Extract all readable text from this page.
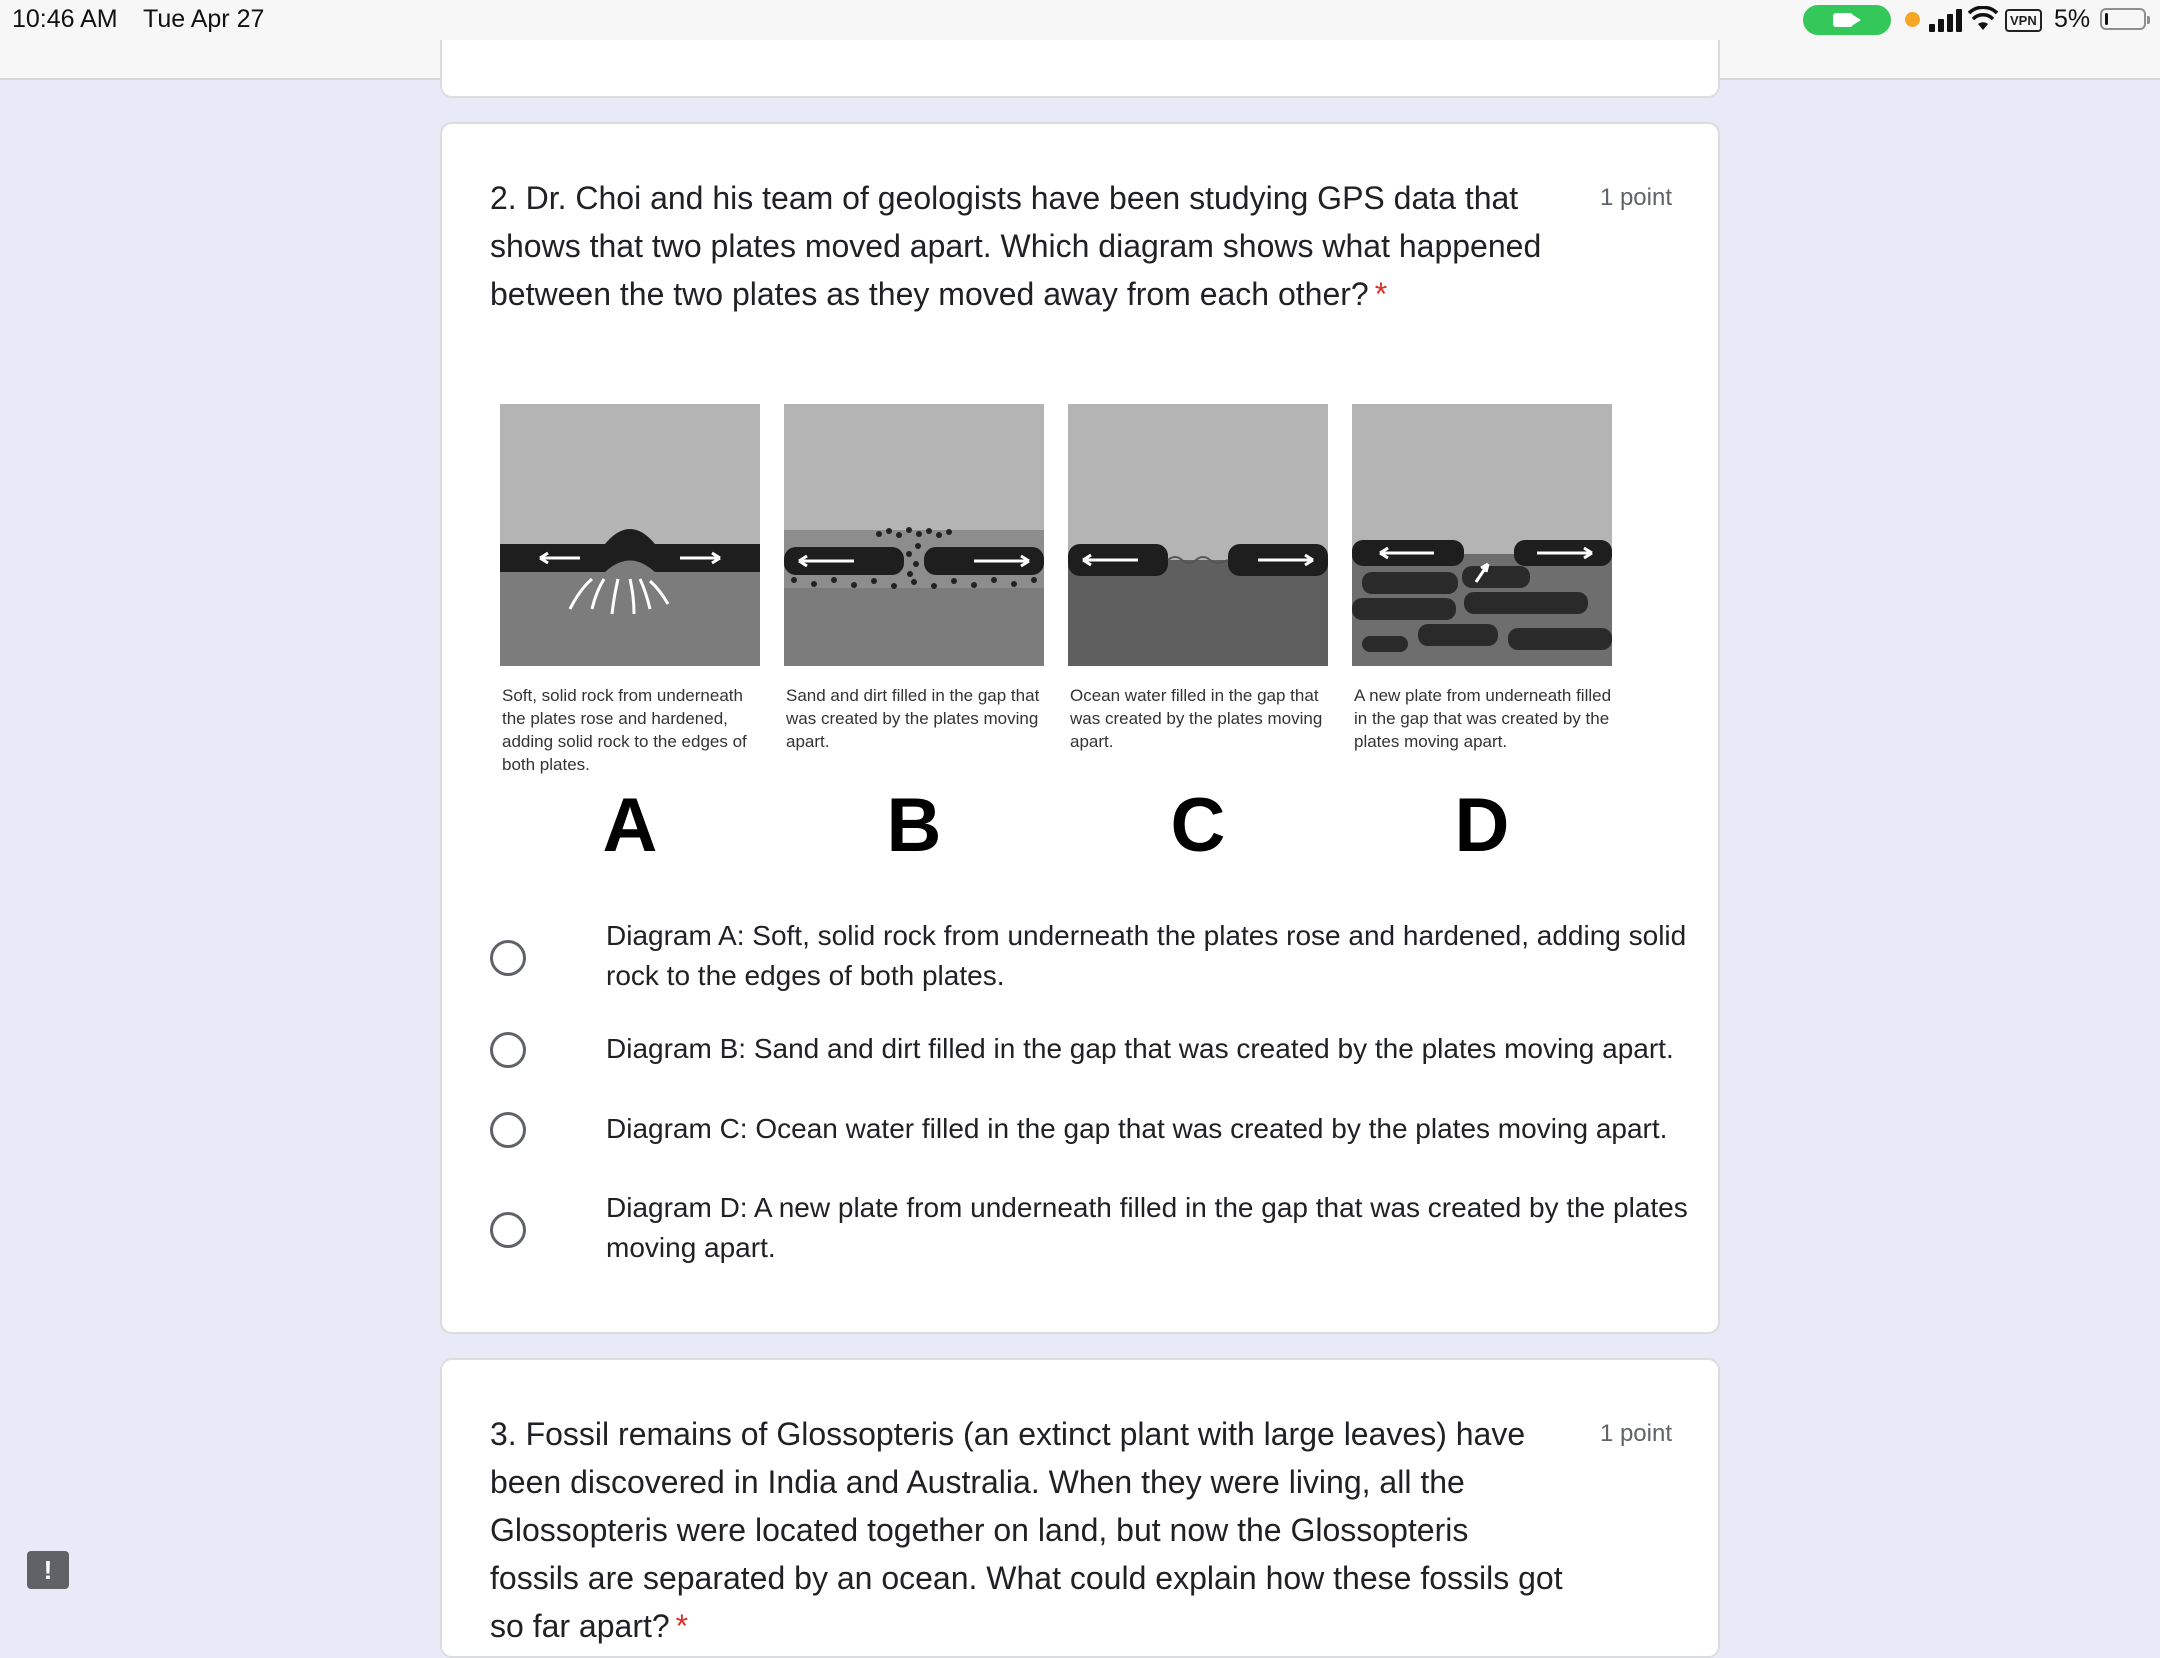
10:46 AM Tue Apr 27	VPN 5%
2. Dr. Choi and his team of geologists have been studying GPS data that shows that two plates moved apart. Which diagram shows what happened between the two plates as they moved away from each other? *
1 point
Soft, solid rock from underneath the plates rose and hardened, adding solid rock to the edges of both plates.
Sand and dirt filled in the gap that was created by the plates moving apart.
Ocean water filled in the gap that was created by the plates moving apart.
A new plate from underneath filled in the gap that was created by the plates moving apart.
A	B	C	D
Diagram A: Soft, solid rock from underneath the plates rose and hardened, adding solid rock to the edges of both plates.
Diagram B: Sand and dirt filled in the gap that was created by the plates moving apart.
Diagram C: Ocean water filled in the gap that was created by the plates moving apart.
Diagram D: A new plate from underneath filled in the gap that was created by the plates moving apart.
3. Fossil remains of Glossopteris (an extinct plant with large leaves) have been discovered in India and Australia. When they were living, all the Glossopteris were located together on land, but now the Glossopteris fossils are separated by an ocean. What could explain how these fossils got so far apart? *
1 point
!
